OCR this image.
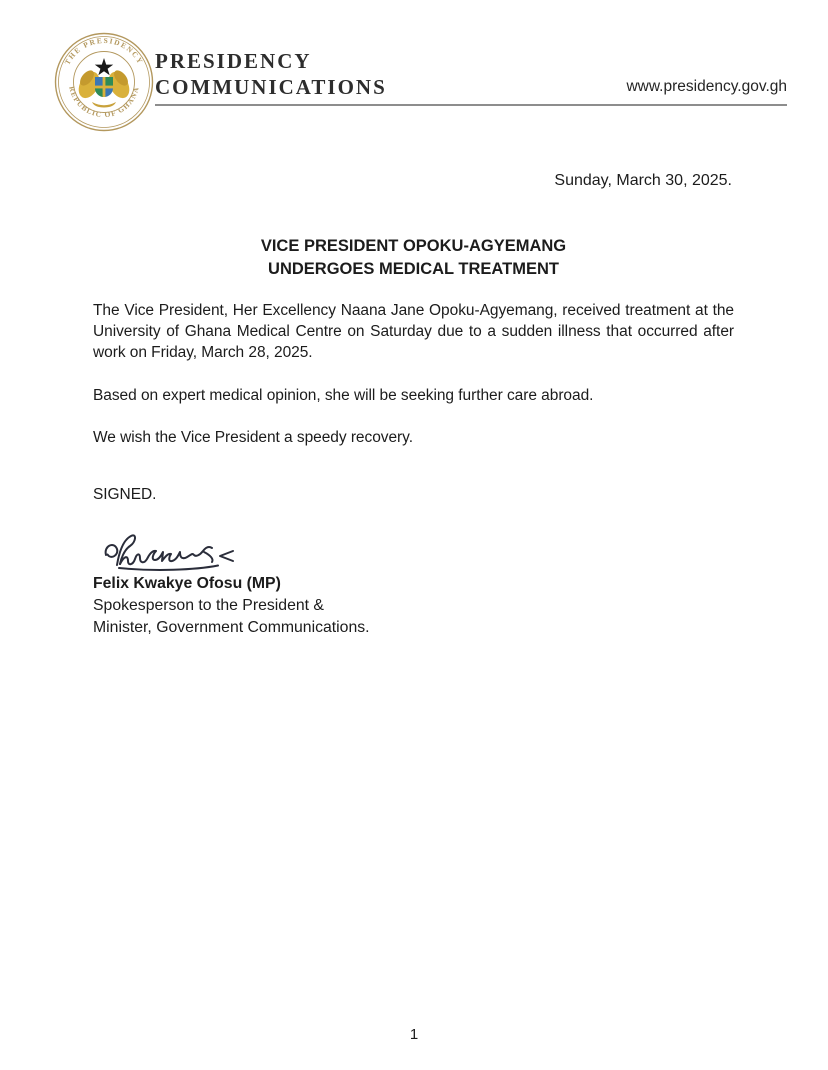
THE PRESIDENCY
REPUBLIC OF GHANA
PRESIDENCY
COMMUNICATIONS	www.presidency.gov.gh
Sunday, March 30, 2025.
VICE PRESIDENT OPOKU-AGYEMANG
UNDERGOES MEDICAL TREATMENT
The Vice President, Her Excellency Naana Jane Opoku-Agyemang, received treatment at the University of Ghana Medical Centre on Saturday due to a sudden illness that occurred after work on Friday, March 28, 2025.
Based on expert medical opinion, she will be seeking further care abroad.
We wish the Vice President a speedy recovery.
SIGNED.
Felix Kwakye Ofosu (MP)
Spokesperson to the President &
Minister, Government Communications.
1
